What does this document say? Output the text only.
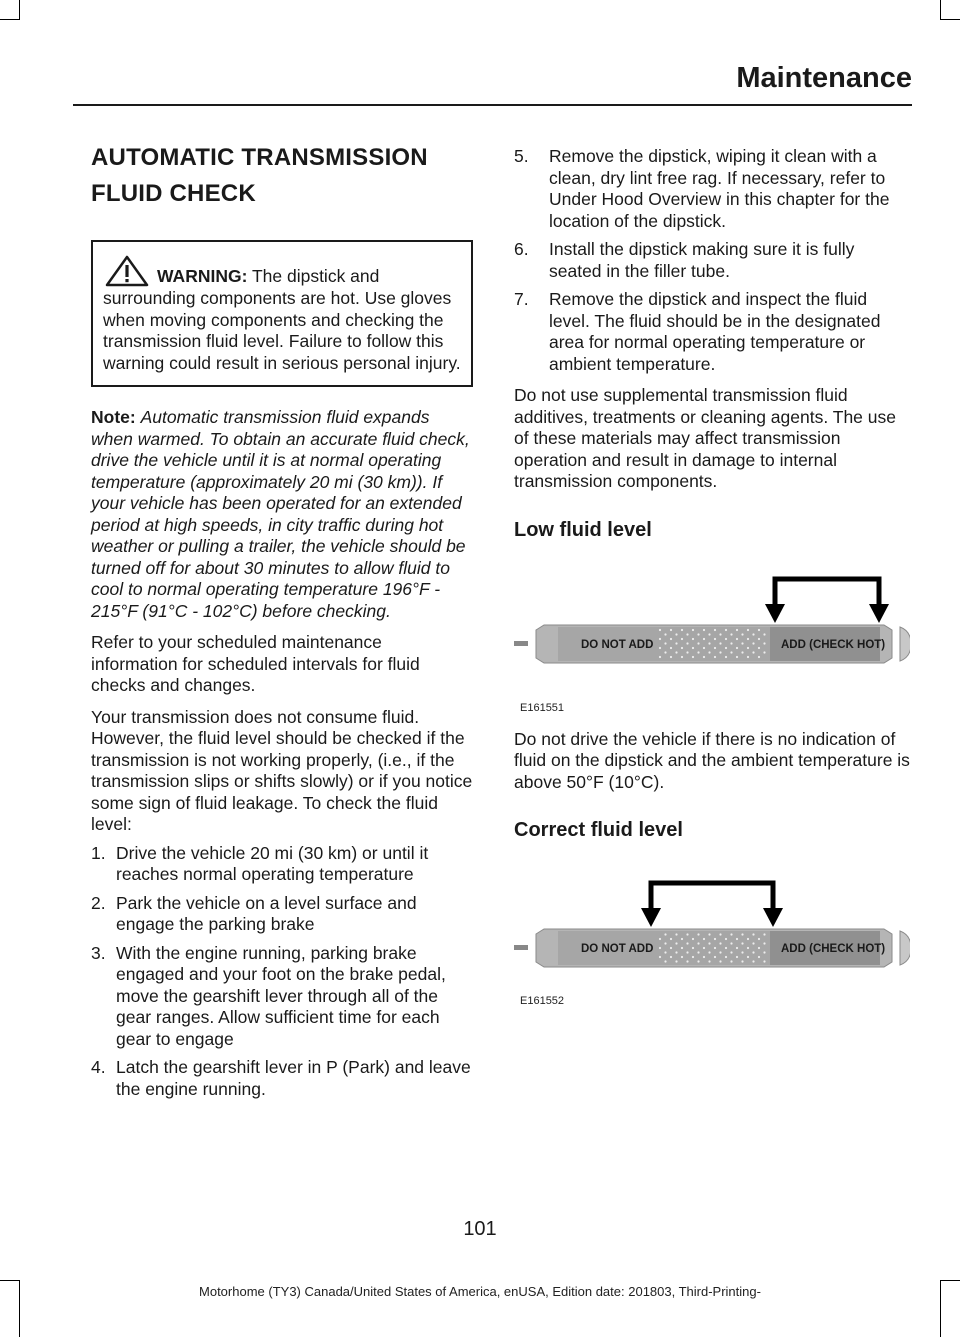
Maintenance
AUTOMATIC TRANSMISSION
FLUID CHECK
WARNING: The dipstick and surrounding components are hot. Use gloves when moving components and checking the transmission fluid level. Failure to follow this warning could result in serious personal injury.

Note: Automatic transmission fluid expands when warmed. To obtain an accurate fluid check, drive the vehicle until it is at normal operating temperature (approximately 20 mi (30 km)). If your vehicle has been operated for an extended period at high speeds, in city traffic during hot weather or pulling a trailer, the vehicle should be turned off for about 30 minutes to allow fluid to cool to normal operating temperature 196°F - 215°F (91°C - 102°C) before checking.

Refer to your scheduled maintenance information for scheduled intervals for fluid checks and changes.

Your transmission does not consume fluid. However, the fluid level should be checked if the transmission is not working properly, (i.e., if the transmission slips or shifts slowly) or if you notice some sign of fluid leakage. To check the fluid level:

1. Drive the vehicle 20 mi (30 km) or until it reaches normal operating temperature
2. Park the vehicle on a level surface and engage the parking brake
3. With the engine running, parking brake engaged and your foot on the brake pedal, move the gearshift lever through all of the gear ranges. Allow sufficient time for each gear to engage
4. Latch the gearshift lever in P (Park) and leave the engine running.
5. Remove the dipstick, wiping it clean with a clean, dry lint free rag. If necessary, refer to Under Hood Overview in this chapter for the location of the dipstick.
6. Install the dipstick making sure it is fully seated in the filler tube.
7. Remove the dipstick and inspect the fluid level. The fluid should be in the designated area for normal operating temperature or ambient temperature.

Do not use supplemental transmission fluid additives, treatments or cleaning agents. The use of these materials may affect transmission operation and result in damage to internal transmission components.

Low fluid level
DO NOT ADD	ADD (CHECK HOT)
E161551

Do not drive the vehicle if there is no indication of fluid on the dipstick and the ambient temperature is above 50°F (10°C).

Correct fluid level
DO NOT ADD	ADD (CHECK HOT)
E161552
101
Motorhome (TY3) Canada/United States of America, enUSA, Edition date: 201803, Third-Printing-
